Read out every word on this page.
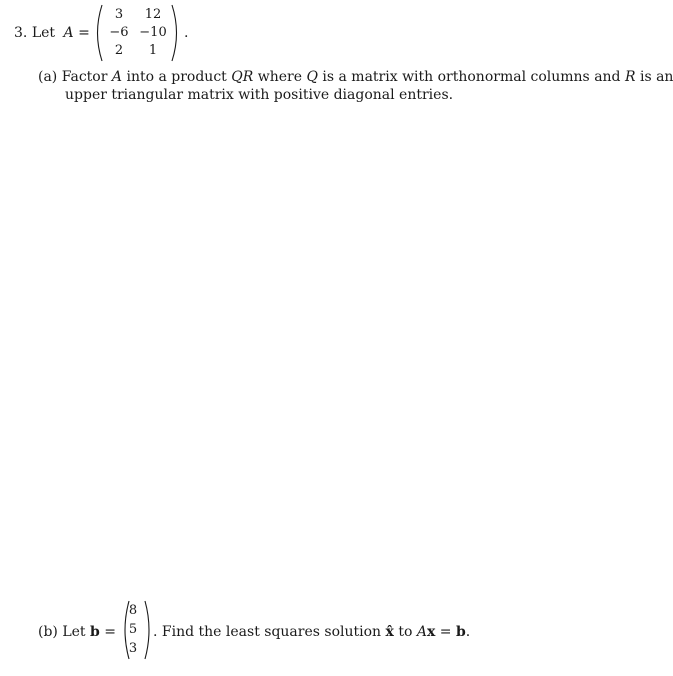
3. Let A =
3	12
−6 −10
2	1
.
(a) Factor A into a product QR where Q is a matrix with orthonormal columns and R is an
upper triangular matrix with positive diagonal entries.
(b) Let b =
8
5
3
. Find the least squares solution x̂ to Ax = b.
